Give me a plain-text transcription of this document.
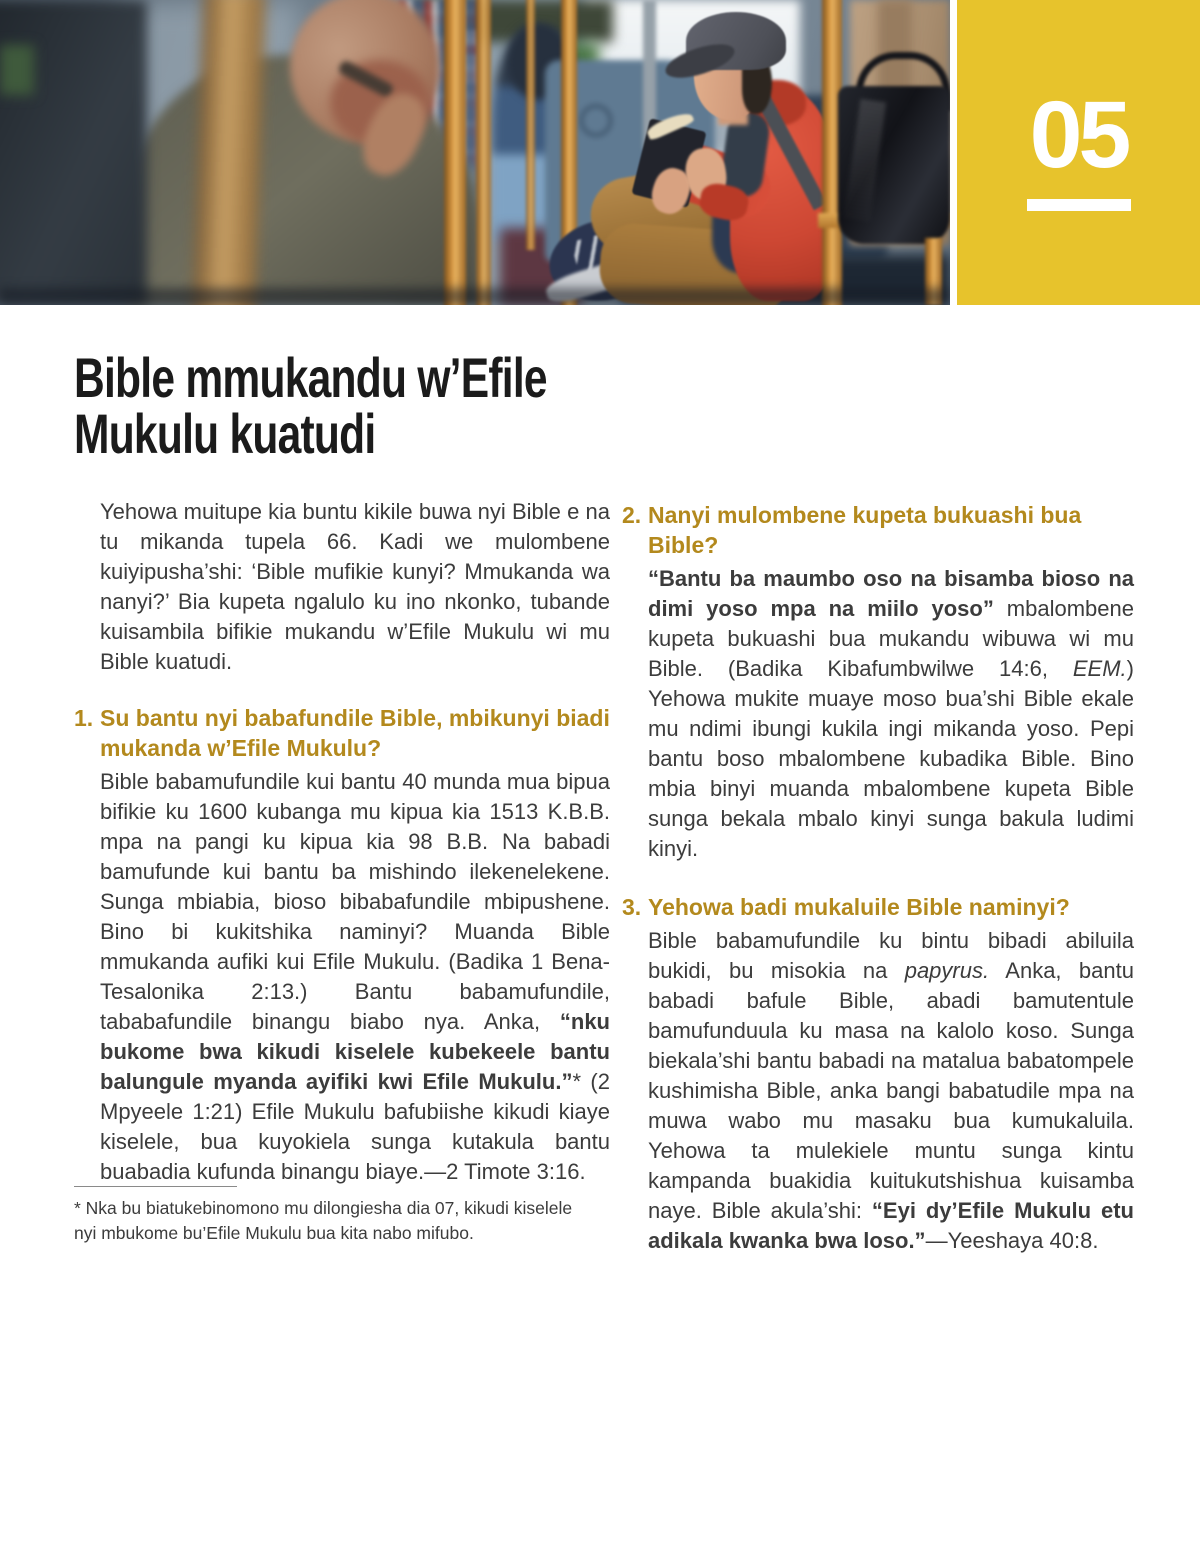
05
Bible mmukandu w’Efile Mukulu kuatudi

Yehowa muitupe kia buntu kikile buwa nyi Bible e na tu mikanda tupela 66. Kadi we mulombene kuiyipusha’shi: ‘Bible mufikie kunyi? Mmukanda wa nanyi?’ Bia kupeta ngalulo ku ino nkonko, tubande kuisambila bifikie mukandu w’Efile Mukulu wi mu Bible kuatudi.

1. Su bantu nyi babafundile Bible, mbikunyi biadi mukanda w’Efile Mukulu?

Bible babamufundile kui bantu 40 munda mua bipua bifikie ku 1600 kubanga mu kipua kia 1513 K.B.B. mpa na pangi ku kipua kia 98 B.B. Na babadi bamufunde kui bantu ba mishindo ilekenelekene. Sunga mbiabia, bioso bibabafundile mbipushene. Bino bi kukitshika naminyi? Muanda Bible mmukanda aufiki kui Efile Mukulu. (Badika 1 Bena-Tesalonika 2:13.) Bantu babamufundile, tababafundile binangu biabo nya. Anka, “nku bukome bwa kikudi kiselele kubekeele bantu balungule myanda ayifiki kwi Efile Mukulu.”* (2 Mpyeele 1:21) Efile Mukulu bafubiishe kikudi kiaye kiselele, bua kuyokiela sunga kutakula bantu buabadia kufunda binangu biaye.—2 Timote 3:16.

2. Nanyi mulombene kupeta bukuashi bua Bible?

“Bantu ba maumbo oso na bisamba bioso na dimi yoso mpa na miilo yoso” mbalombene kupeta bukuashi bua mukandu wibuwa wi mu Bible. (Badika Kibafumbwilwe 14:6, EEM.) Yehowa mukite muaye moso bua’shi Bible ekale mu ndimi ibungi kukila ingi mikanda yoso. Pepi bantu boso mbalombene kubadika Bible. Bino mbia binyi muanda mbalombene kupeta Bible sunga bekala mbalo kinyi sunga bakula ludimi kinyi.

3. Yehowa badi mukaluile Bible naminyi?

Bible babamufundile ku bintu bibadi abiluila bukidi, bu misokia na papyrus. Anka, bantu babadi bafule Bible, abadi bamutentule bamufunduula ku masa na kalolo koso. Sunga biekala’shi bantu babadi na matalua babatompele kushimisha Bible, anka bangi babatudile mpa na muwa wabo mu masaku bua kumukaluila. Yehowa ta mulekiele muntu sunga kintu kampanda buakidia kuitukutshishua kuisamba naye. Bible akula’shi: “Eyi dy’Efile Mukulu etu adikala kwanka bwa loso.”—Yeeshaya 40:8.

* Nka bu biatukebinomono mu dilongiesha dia 07, kikudi kiselele nyi mbukome bu’Efile Mukulu bua kita nabo mifubo.
